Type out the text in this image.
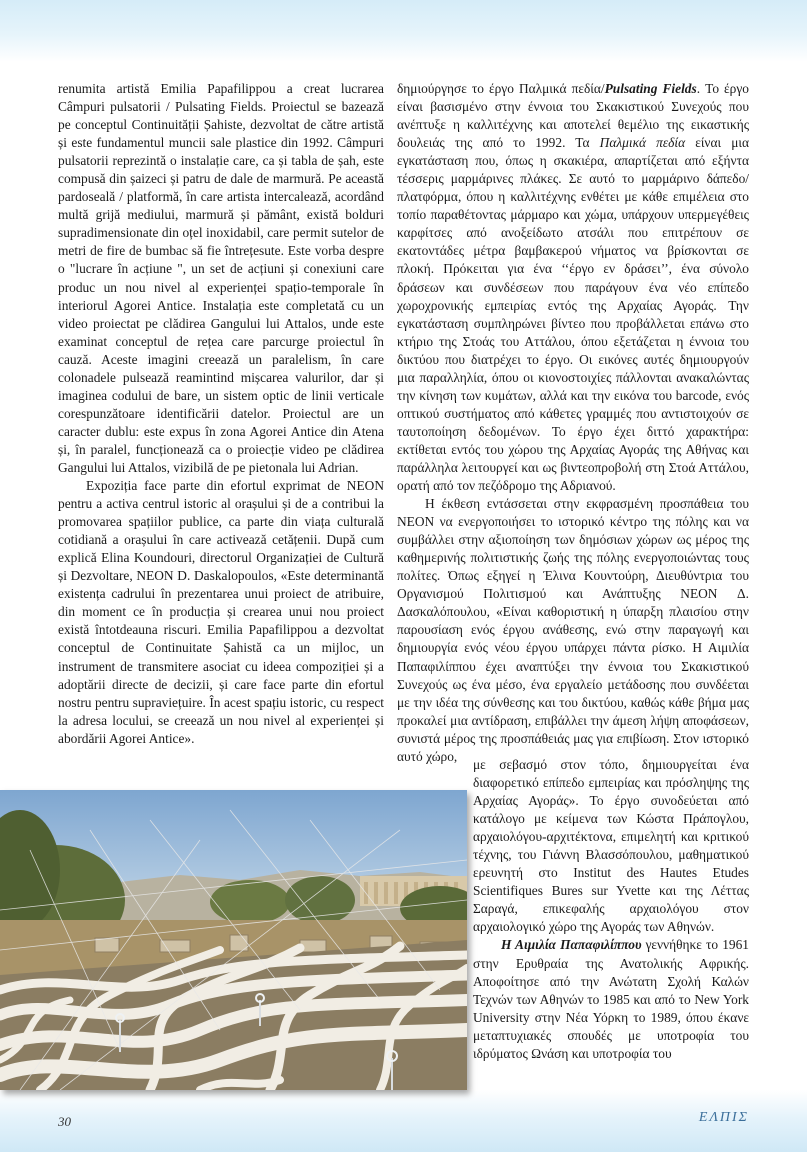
renumita artistă Emilia Papafilippou a creat lucrarea Câmpuri pulsatorii / Pulsating Fields. Proiectul se bazează pe conceptul Continuității Șahiste, dezvoltat de către artistă și este fundamentul muncii sale plastice din 1992. Câmpuri pulsatorii reprezintă o instalație care, ca și tabla de șah, este compusă din șaizeci și patru de dale de marmură. Pe această pardoseală / platformă, în care artista intercalează, acordând multă grijă mediului, marmură și pământ, există bolduri supradimensionate din oțel inoxidabil, care permit sutelor de metri de fire de bumbac să fie întrețesute. Este vorba despre o "lucrare în acțiune ", un set de acțiuni și conexiuni care produc un nou nivel al experienței spațio-temporale în interiorul Agorei Antice. Instalația este completată cu un video proiectat pe clădirea Gangului lui Attalos, unde este examinat conceptul de rețea care parcurge proiectul în cauză. Aceste imagini creează un paralelism, în care colonadele pulsează reamintind mișcarea valurilor, dar și imaginea codului de bare, un sistem optic de linii verticale corespunzătoare identificării datelor. Proiectul are un caracter dublu: este expus în zona Agorei Antice din Atena și, în paralel, funcționează ca o proiecție video pe clădirea Gangului lui Attalos, vizibilă de pe pietonala lui Adrian.

Expoziția face parte din efortul exprimat de NEON pentru a activa centrul istoric al orașului și de a contribui la promovarea spațiilor publice, ca parte din viața culturală cotidiană a orașului în care activează cetățenii. După cum explică Elina Koundouri, directorul Organizației de Cultură și Dezvoltare, NEON D. Daskalopoulos, «Este determinantă existența cadrului în prezentarea unui proiect de atribuire, din moment ce în producția și crearea unui nou proiect există întotdeauna riscuri. Emilia Papafilippou a dezvoltat conceptul de Continuitate Șahistă ca un mijloc, un instrument de transmitere asociat cu ideea compoziției și a adoptării directe de decizii, și care face parte din efortul nostru pentru supraviețuire. În acest spațiu istoric, cu respect la adresa locului, se creează un nou nivel al experienței și abordării Agorei Antice».

δημιούργησε το έργο Παλμικά πεδία/Pulsating Fields. Το έργο είναι βασισμένο στην έννοια του Σκακιστικού Συνεχούς που ανέπτυξε η καλλιτέχνης και αποτελεί θεμέλιο της εικαστικής δουλειάς της από το 1992. Τα Παλμικά πεδία είναι μια εγκατάσταση που, όπως η σκακιέρα, απαρτίζεται από εξήντα τέσσερις μαρμάρινες πλάκες. Σε αυτό το μαρμάρινο δάπεδο/πλατφόρμα, όπου η καλλιτέχνης ενθέτει με κάθε επιμέλεια στο τοπίο παραθέτοντας μάρμαρο και χώμα, υπάρχουν υπερμεγέθεις καρφίτσες από ανοξείδωτο ατσάλι που επιτρέπουν σε εκατοντάδες μέτρα βαμβακερού νήματος να βρίσκονται σε πλοκή. Πρόκειται για ένα ‘‘έργο εν δράσει’’, ένα σύνολο δράσεων και συνδέσεων που παράγουν ένα νέο επίπεδο χωροχρονικής εμπειρίας εντός της Αρχαίας Αγοράς. Την εγκατάσταση συμπληρώνει βίντεο που προβάλλεται επάνω στο κτήριο της Στοάς του Αττάλου, όπου εξετάζεται η έννοια του δικτύου που διατρέχει το έργο. Οι εικόνες αυτές δημιουργούν μια παραλληλία, όπου οι κιονοστοιχίες πάλλονται ανακαλώντας την κίνηση των κυμάτων, αλλά και την εικόνα του barcode, ενός οπτικού συστήματος από κάθετες γραμμές που αντιστοιχούν σε ταυτοποίηση δεδομένων. Το έργο έχει διττό χαρακτήρα: εκτίθεται εντός του χώρου της Αρχαίας Αγοράς της Αθήνας και παράλληλα λειτουργεί και ως βιντεοπροβολή στη Στοά Αττάλου, ορατή από τον πεζόδρομο της Αδριανού.

Η έκθεση εντάσσεται στην εκφρασμένη προσπάθεια του NEON να ενεργοποιήσει το ιστορικό κέντρο της πόλης και να συμβάλλει στην αξιοποίηση των δημόσιων χώρων ως μέρος της καθημερινής πολιτιστικής ζωής της πόλης ενεργοποιώντας τους πολίτες. Όπως εξηγεί η Έλινα Κουντούρη, Διευθύντρια του Οργανισμού Πολιτισμού και Ανάπτυξης NEON Δ. Δασκαλόπουλου, «Είναι καθοριστική η ύπαρξη πλαισίου στην παρουσίαση ενός έργου ανάθεσης, ενώ στην παραγωγή και δημιουργία ενός νέου έργου υπάρχει πάντα ρίσκο. Η Αιμιλία Παπαφιλίππου έχει αναπτύξει την έννοια του Σκακιστικού Συνεχούς ως ένα μέσο, ένα εργαλείο μετάδοσης που συνδέεται με την ιδέα της σύνθεσης και του δικτύου, καθώς κάθε βήμα μας προκαλεί μια αντίδραση, επιβάλλει την άμεση λήψη αποφάσεων, συνιστά μέρος της προσπάθειάς μας για επιβίωση. Στον ιστορικό αυτό χώρο,

με σεβασμό στον τόπο, δημιουργείται ένα διαφορετικό επίπεδο εμπειρίας και πρόσληψης της Αρχαίας Αγοράς». Το έργο συνοδεύεται από κατάλογο με κείμενα των Κώστα Πράπογλου, αρχαιολόγου-αρχιτέκτονα, επιμελητή και κριτικού τέχνης, του Γιάννη Βλασσόπουλου, μαθηματικού ερευνητή στο Institut des Hautes Etudes Scientifiques Bures sur Yvette και της Λέττας Σαραγά, επικεφαλής αρχαιολόγου στον αρχαιολογικό χώρο της Αγοράς των Αθηνών.

Η Αιμιλία Παπαφιλίππου γεννήθηκε το 1961 στην Ερυθραία της Ανατολικής Αφρικής. Αποφοίτησε από την Ανώτατη Σχολή Καλών Τεχνών των Αθηνών το 1985 και από το New York University στην Νέα Υόρκη το 1989, όπου έκανε μεταπτυχιακές σπουδές με υποτροφία του ιδρύματος Ωνάση και υποτροφία του

30	ΕΛΠΙΣ
